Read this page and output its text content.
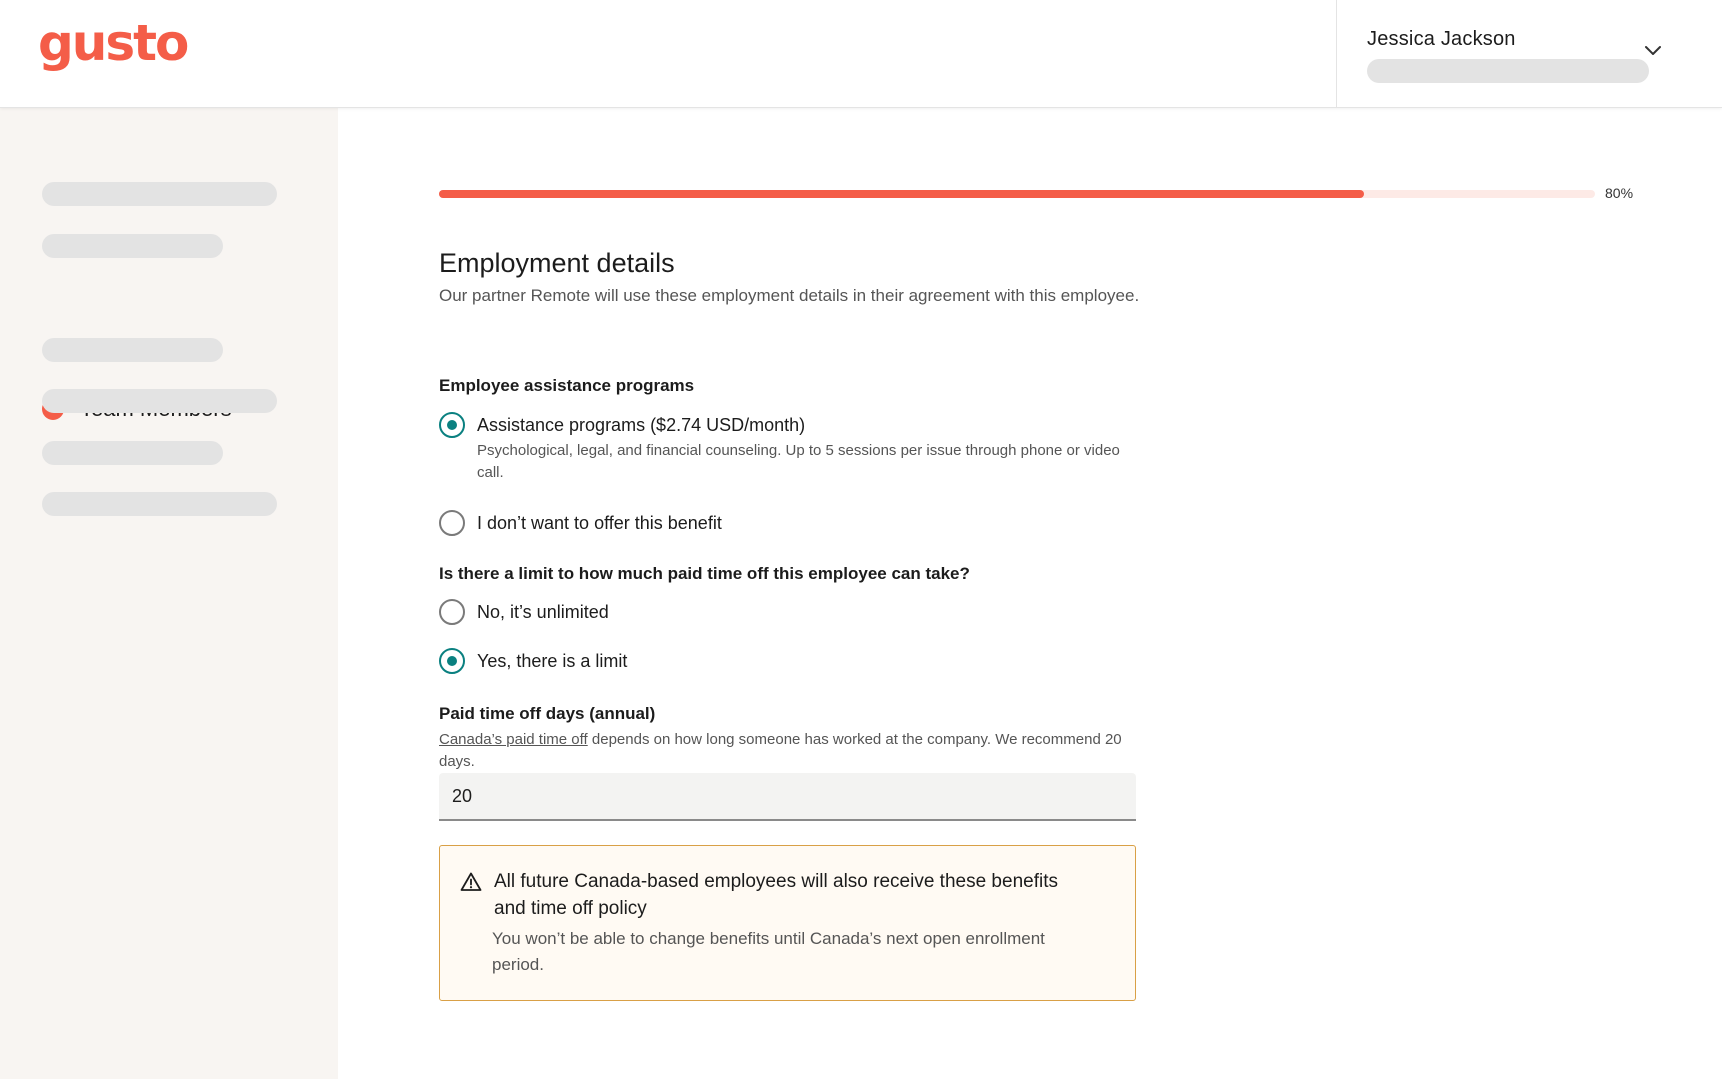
gusto	Jessica Jackson
80%
Employment details
Our partner Remote will use these employment details in their agreement with this employee.
Employee assistance programs
Assistance programs ($2.74 USD/month)
Psychological, legal, and financial counseling. Up to 5 sessions per issue through phone or video call.
I don’t want to offer this benefit
Is there a limit to how much paid time off this employee can take?
No, it’s unlimited
Yes, there is a limit
Paid time off days (annual)
Canada’s paid time off depends on how long someone has worked at the company. We recommend 20 days.
20
All future Canada-based employees will also receive these benefits and time off policy
You won’t be able to change benefits until Canada’s next open enrollment period.
